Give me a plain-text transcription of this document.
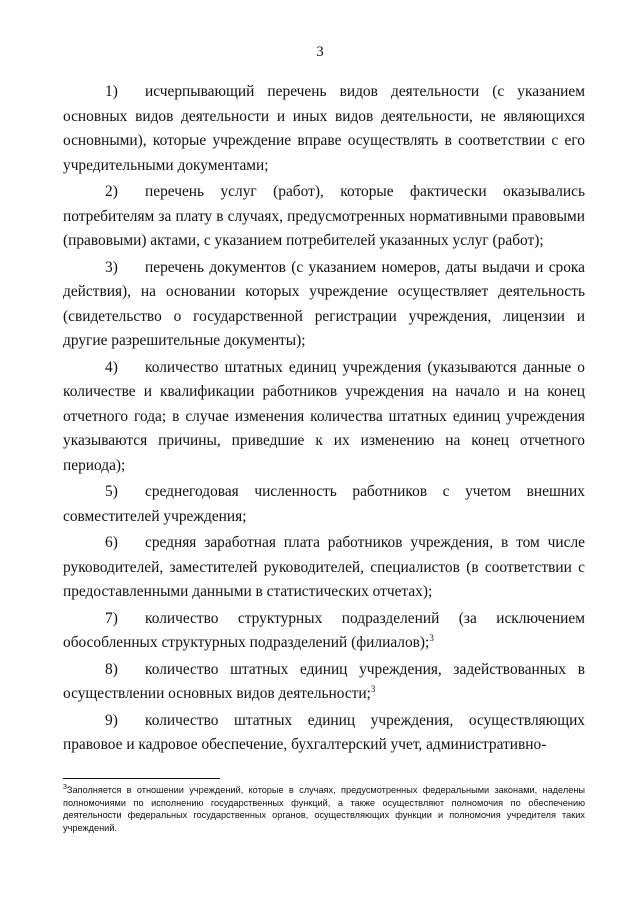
3

1) исчерпывающий перечень видов деятельности (с указанием основных видов деятельности и иных видов деятельности, не являющихся основными), которые учреждение вправе осуществлять в соответствии с его учредительными документами;

2) перечень услуг (работ), которые фактически оказывались потребителям за плату в случаях, предусмотренных нормативными правовыми (правовыми) актами, с указанием потребителей указанных услуг (работ);

3) перечень документов (с указанием номеров, даты выдачи и срока действия), на основании которых учреждение осуществляет деятельность (свидетельство о государственной регистрации учреждения, лицензии и другие разрешительные документы);

4) количество штатных единиц учреждения (указываются данные о количестве и квалификации работников учреждения на начало и на конец отчетного года; в случае изменения количества штатных единиц учреждения указываются причины, приведшие к их изменению на конец отчетного периода);

5) среднегодовая численность работников с учетом внешних совместителей учреждения;

6) средняя заработная плата работников учреждения, в том числе руководителей, заместителей руководителей, специалистов (в соответствии с предоставленными данными в статистических отчетах);

7) количество структурных подразделений (за исключением обособленных структурных подразделений (филиалов);$^3$

8) количество штатных единиц учреждения, задействованных в осуществлении основных видов деятельности;$^3$

9) количество штатных единиц учреждения, осуществляющих правовое и кадровое обеспечение, бухгалтерский учет, административно-

$^3$Заполняется в отношении учреждений, которые в случаях, предусмотренных федеральными законами, наделены полномочиями по исполнению государственных функций, а также осуществляют полномочия по обеспечению деятельности федеральных государственных органов, осуществляющих функции и полномочия учредителя таких учреждений.
